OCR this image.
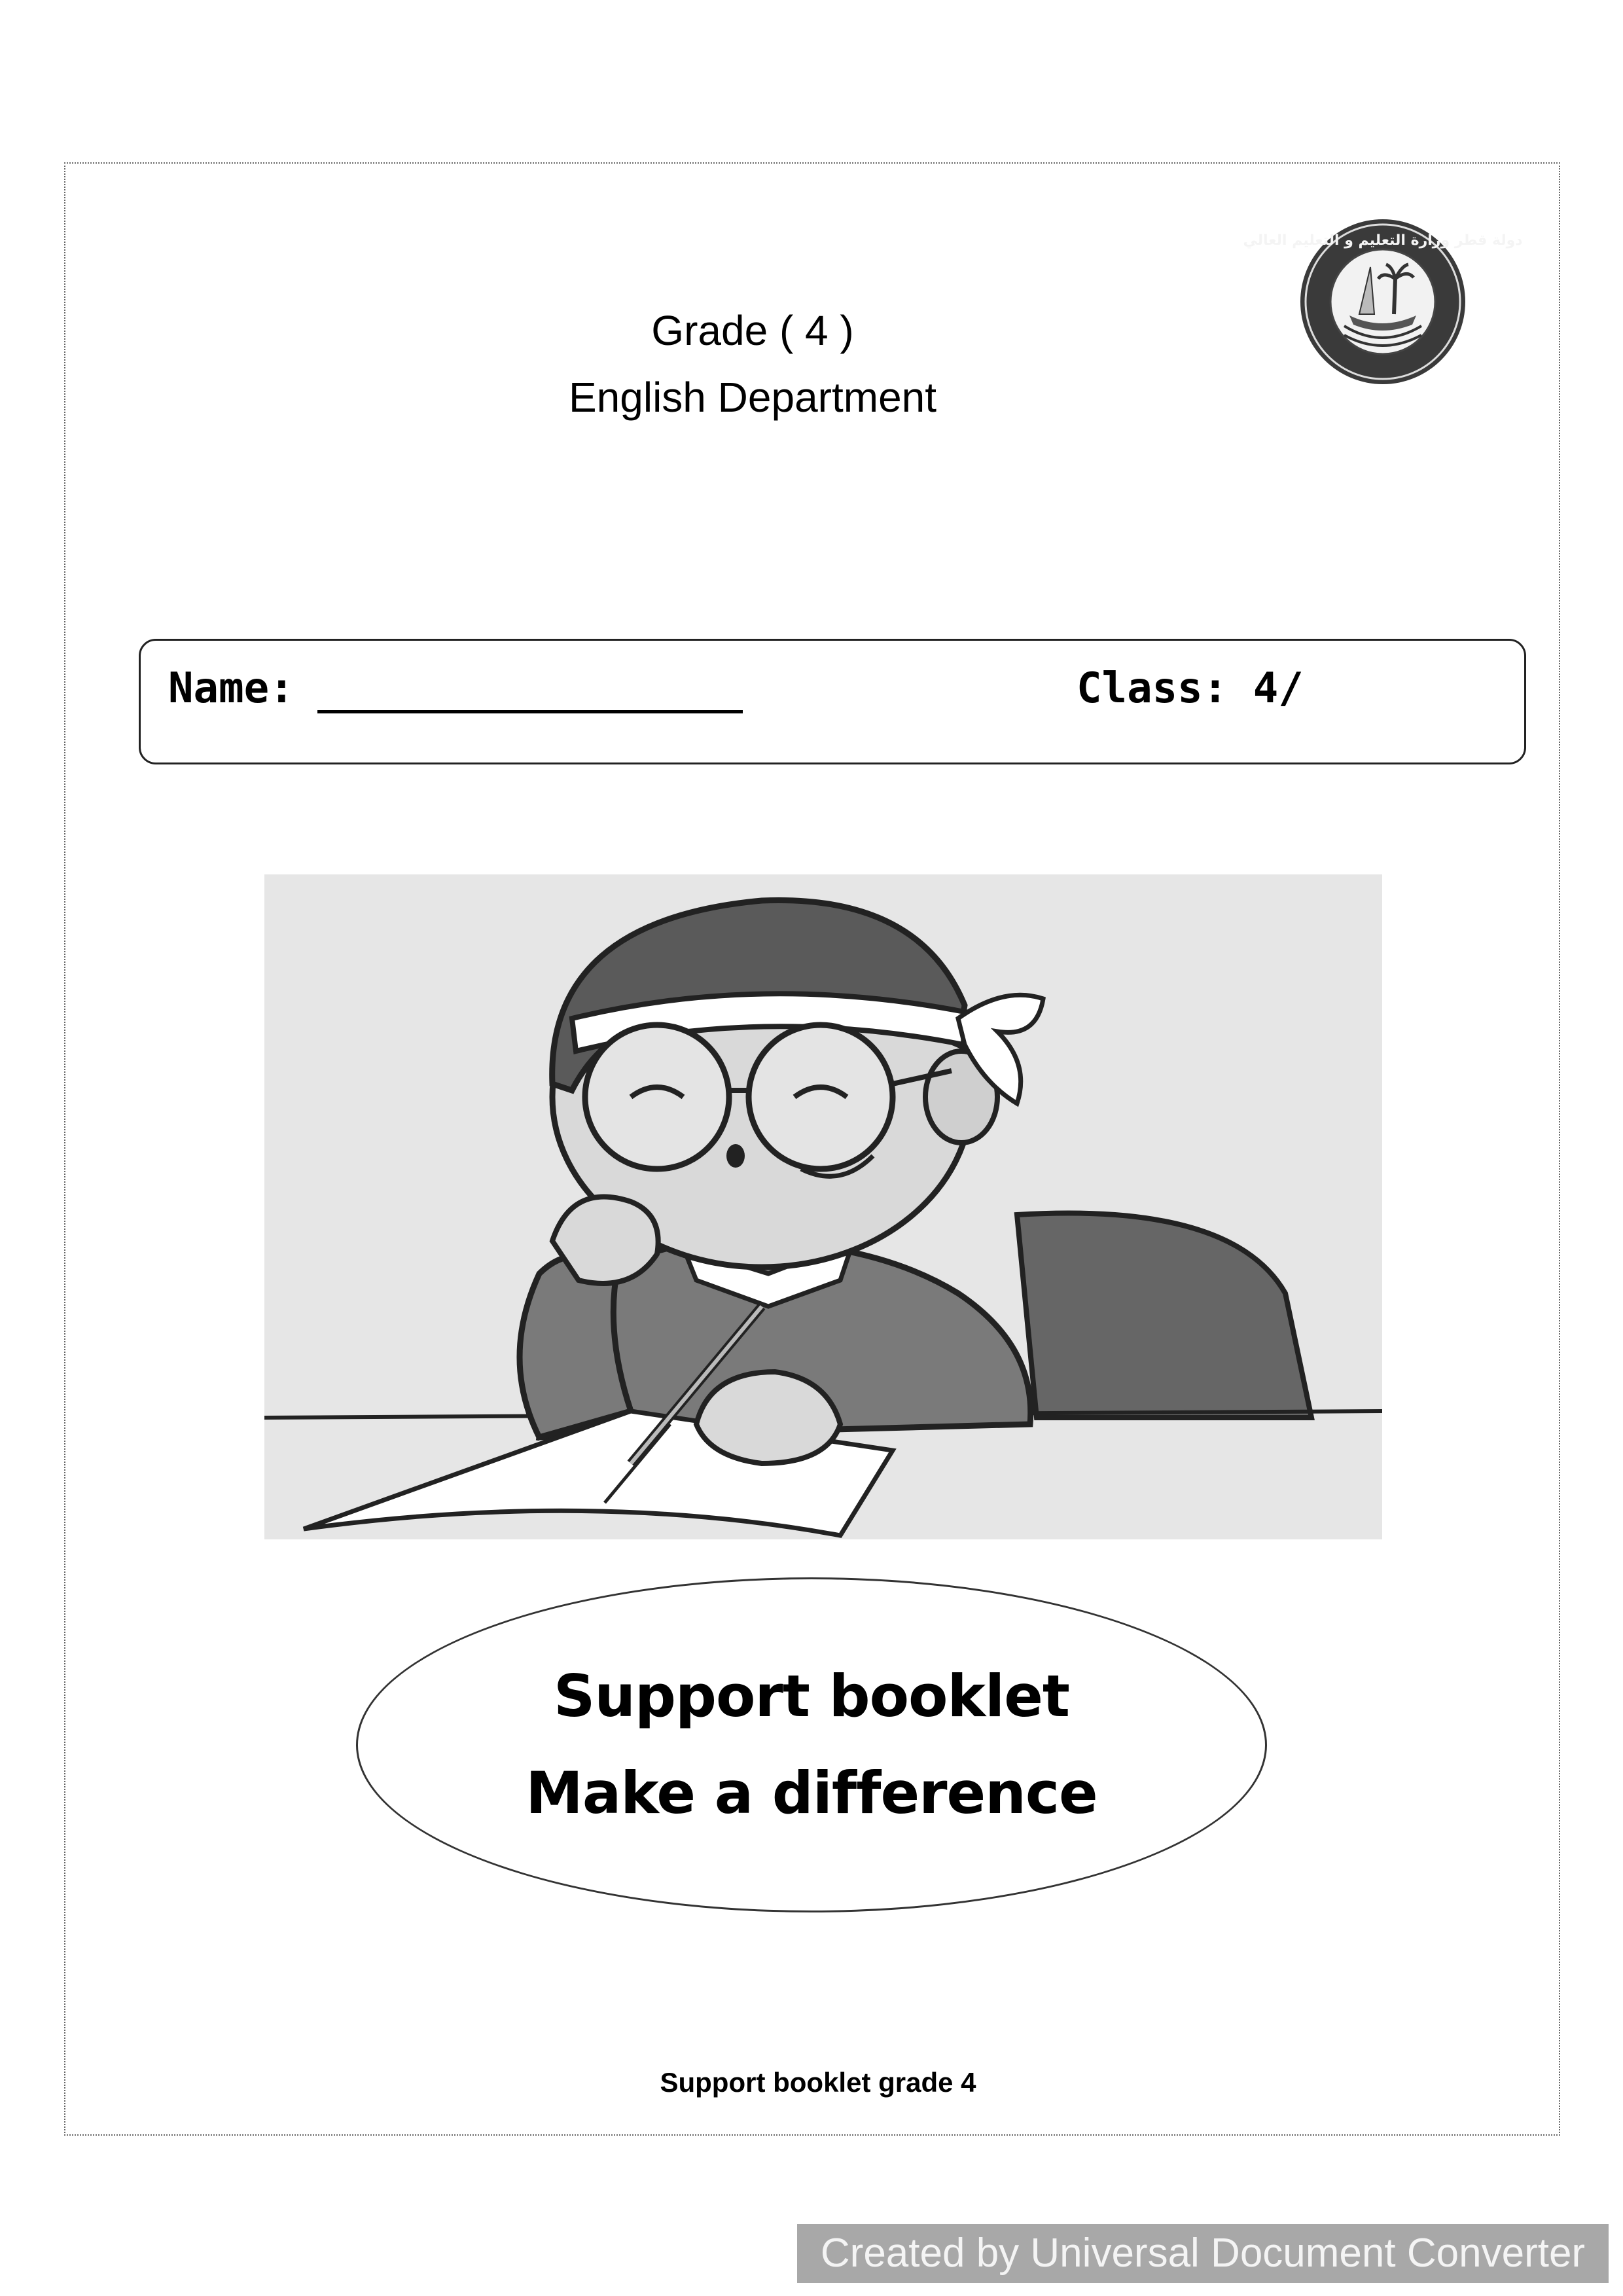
دولة قطر وزارة التعليم و التعليم العالي
Grade ( 4 )
English Department
Name:	Class: 4/
Support booklet
Make a difference
Support booklet grade 4
Created by Universal Document Converter
